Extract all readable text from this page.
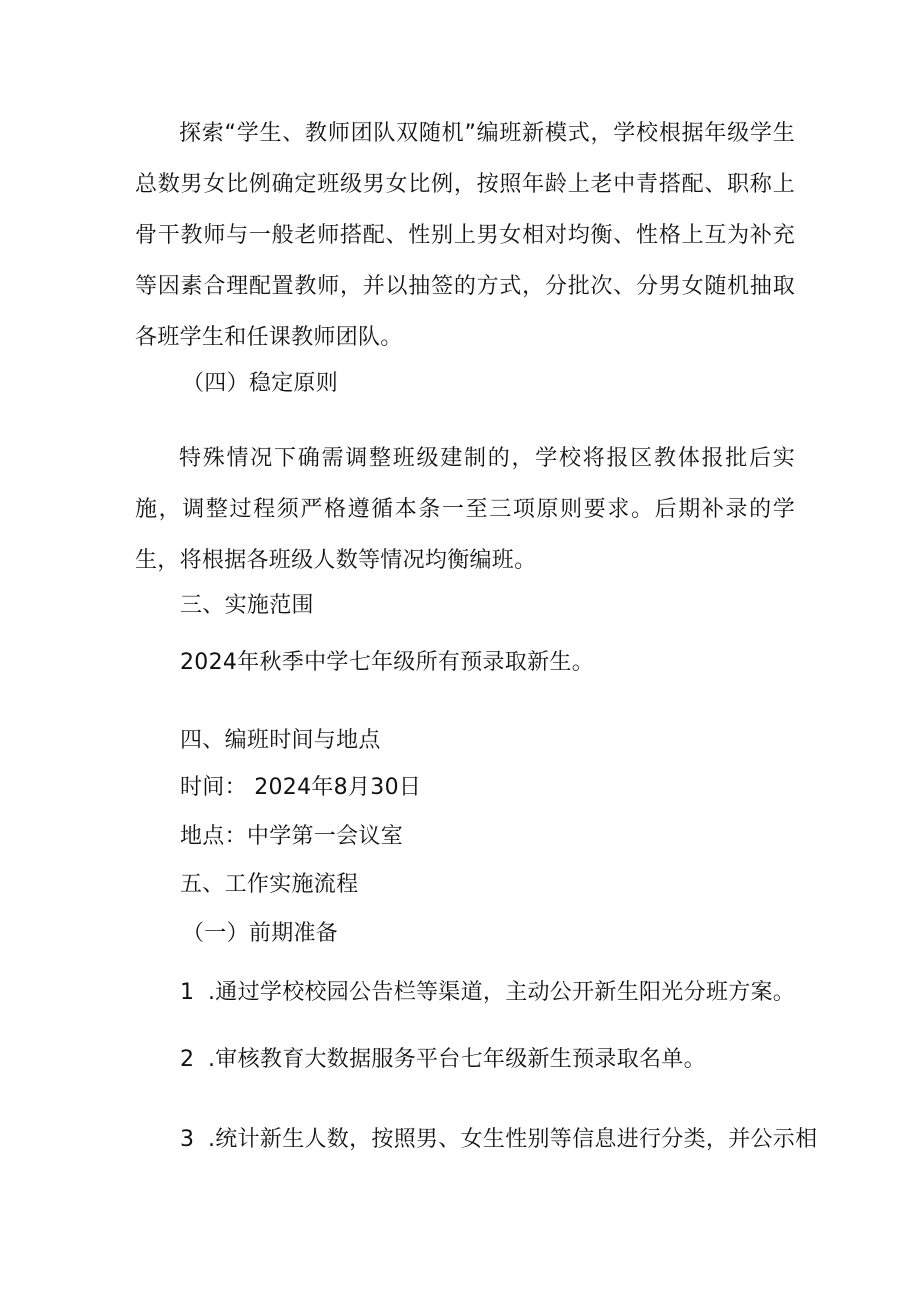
探索“学生、教师团队双随机”编班新模式，学校根据年级学生总数男女比例确定班级男女比例，按照年龄上老中青搭配、职称上骨干教师与一般老师搭配、性别上男女相对均衡、性格上互为补充等因素合理配置教师，并以抽签的方式，分批次、分男女随机抽取各班学生和任课教师团队。

（四）稳定原则

特殊情况下确需调整班级建制的，学校将报区教体报批后实施，调整过程须严格遵循本条一至三项原则要求。后期补录的学生，将根据各班级人数等情况均衡编班。

三、实施范围

2024年秋季中学七年级所有预录取新生。

四、编班时间与地点

时间： 2024年8月30日

地点：中学第一会议室

五、工作实施流程

（一）前期准备

1 .通过学校校园公告栏等渠道，主动公开新生阳光分班方案。

2 .审核教育大数据服务平台七年级新生预录取名单。

3 .统计新生人数，按照男、女生性别等信息进行分类，并公示相
